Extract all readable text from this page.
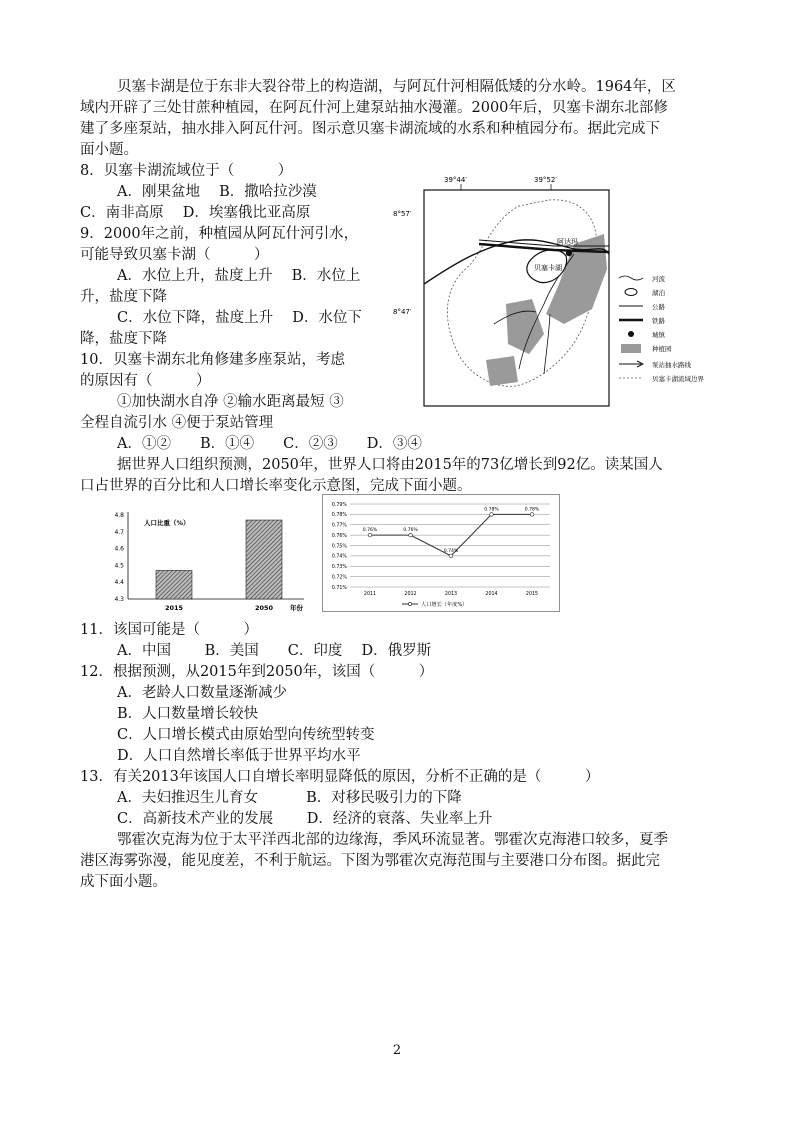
贝塞卡湖是位于东非大裂谷带上的构造湖，与阿瓦什河相隔低矮的分水岭。1964年，区
域内开辟了三处甘蔗种植园，在阿瓦什河上建泵站抽水漫灌。2000年后，贝塞卡湖东北部修
建了多座泵站，抽水排入阿瓦什河。图示意贝塞卡湖流域的水系和种植园分布。据此完成下
面小题。
8．贝塞卡湖流域位于（　　　）
A．刚果盆地　 B．撒哈拉沙漠
C．南非高原　 D．埃塞俄比亚高原
9．2000年之前，种植园从阿瓦什河引水，
可能导致贝塞卡湖（　　　）
A．水位上升，盐度上升　 B．水位上
升，盐度下降
C．水位下降，盐度上升　 D．水位下
降，盐度下降
10．贝塞卡湖东北角修建多座泵站，考虑
的原因有（　　　）
①加快湖水自净 ②输水距离最短 ③
全程自流引水 ④便于泵站管理
A．①②　　B．①④　　C．②③　　D．③④
据世界人口组织预测，2050年，世界人口将由2015年的73亿增长到92亿。读某国人
口占世界的百分比和人口增长率变化示意图，完成下面小题。
11．该国可能是（　　　）
A．中国　　 B．美国　　C．印度　 D．俄罗斯
12．根据预测，从2015年到2050年，该国（　　　）
A．老龄人口数量逐渐减少
B．人口数量增长较快
C．人口增长模式由原始型向传统型转变
D．人口自然增长率低于世界平均水平
13．有关2013年该国人口自增长率明显降低的原因，分析不正确的是（　　　）
A．夫妇推迟生儿育女　　　 B．对移民吸引力的下降
C．高新技术产业的发展　　 D．经济的衰落、失业率上升
鄂霍次克海为位于太平洋西北部的边缘海，季风环流显著。鄂霍次克海港口较多，夏季
港区海雾弥漫，能见度差，不利于航运。下图为鄂霍次克海范围与主要港口分布图。据此完
成下面小题。
39°44′	39°52′
8°57′
8°47′
贝塞卡湖
阿达玛
河流
湖泊
公路
铁路
城镇
种植园
泵站抽水路线
贝塞卡湖流域边界
4.3
4.4
4.5
4.6
4.7
4.8
人口比重（%）
2015	2050	年份
0.71%
0.72%
0.73%
0.74%
0.75%
0.76%
0.77%
0.78%
0.79%
2011	2012	2013	2014	2015
0.76%	0.76%
0.74%
0.78%	0.78%
人口增长（年度%）
2
